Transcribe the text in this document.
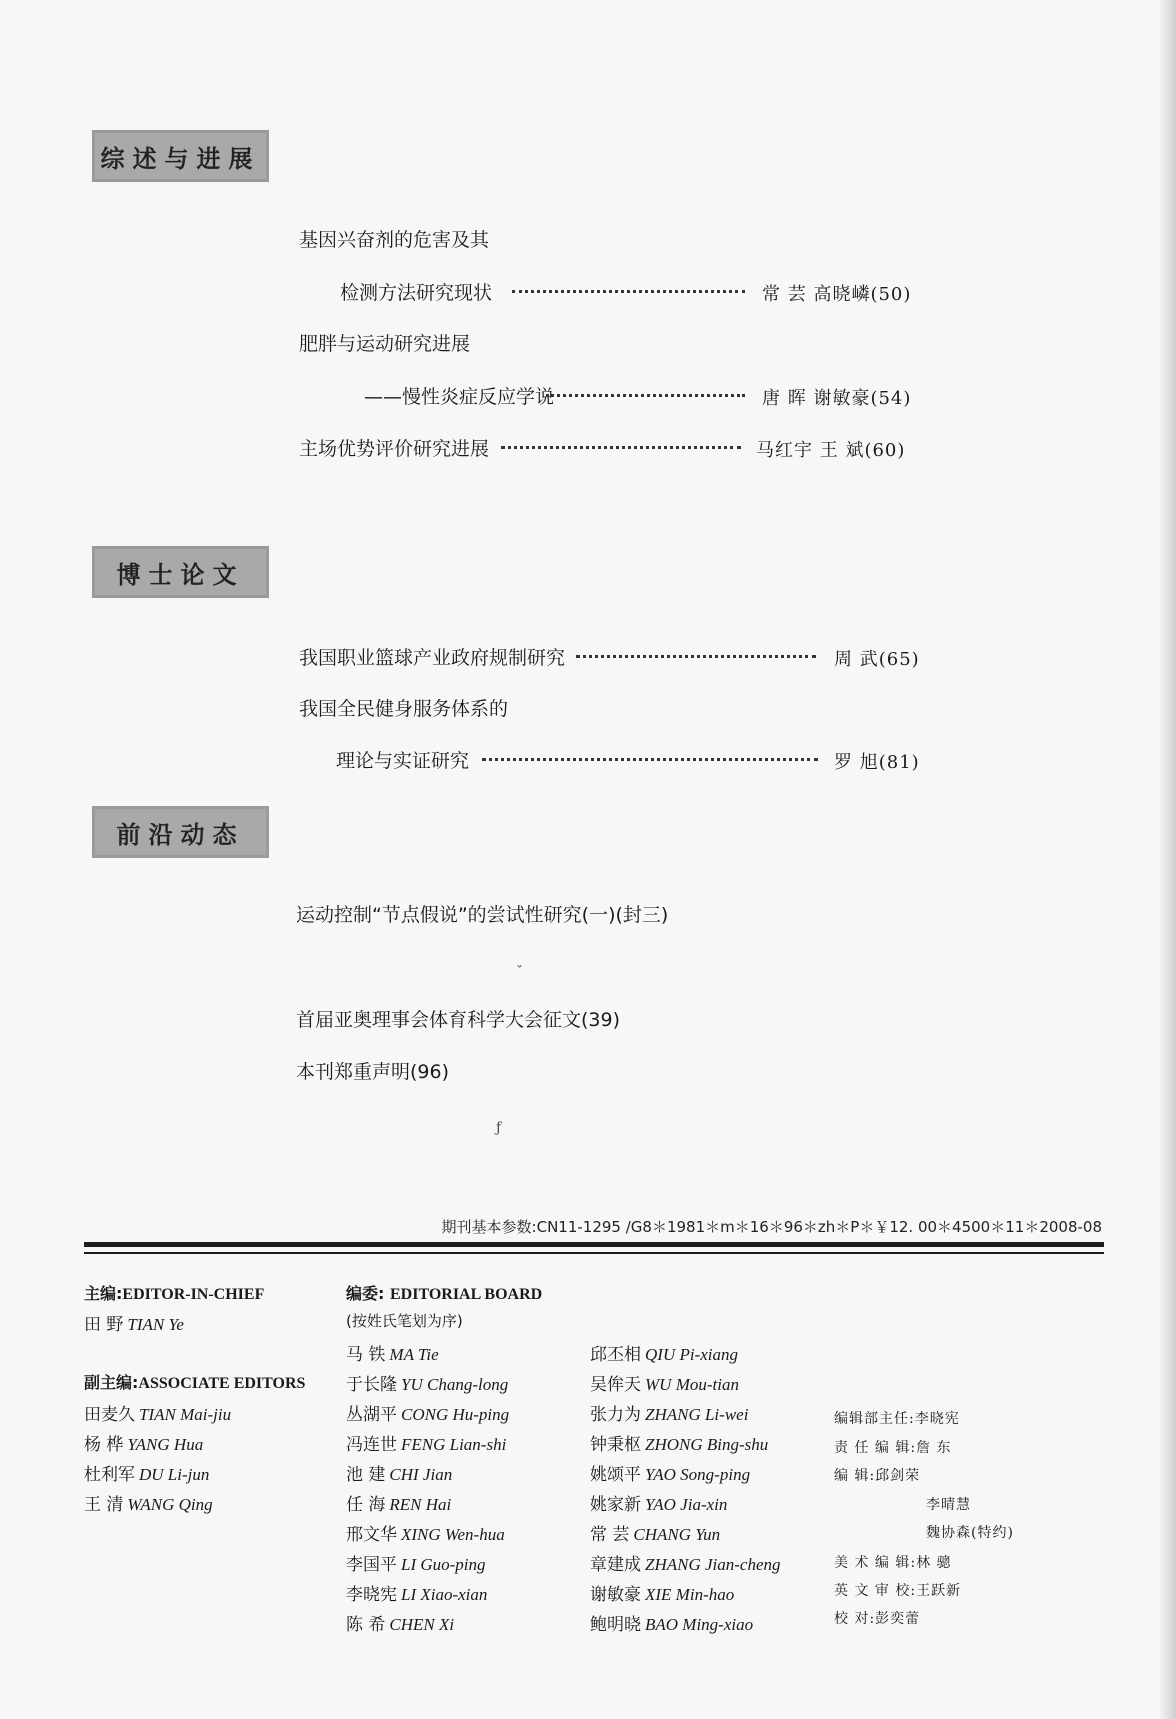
综述与进展
基因兴奋剂的危害及其
检测方法研究现状	常 芸 高晓嶙(50)
肥胖与运动研究进展
——慢性炎症反应学说	唐 晖 谢敏豪(54)
主场优势评价研究进展	马红宇 王 斌(60)
博士论文
我国职业篮球产业政府规制研究	周 武(65)
我国全民健身服务体系的
理论与实证研究	罗 旭(81)
前沿动态
运动控制“节点假说”的尝试性研究(一)(封三)
ˇ
首届亚奥理事会体育科学大会征文(39)
本刊郑重声明(96)
ƒ
期刊基本参数:CN11-1295 /G8＊1981＊m＊16＊96＊zh＊P＊￥12. 00＊4500＊11＊2008-08
主编:EDITOR-IN-CHIEF
田 野 TIAN Ye
副主编:ASSOCIATE EDITORS
田麦久 TIAN Mai-jiu
杨 桦 YANG Hua
杜利军 DU Li-jun
王 清 WANG Qing
编委: EDITORIAL BOARD
(按姓氏笔划为序)
马 铁 MA Tie
于长隆 YU Chang-long
丛湖平 CONG Hu-ping
冯连世 FENG Lian-shi
池 建 CHI Jian
任 海 REN Hai
邢文华 XING Wen-hua
李国平 LI Guo-ping
李晓宪 LI Xiao-xian
陈 希 CHEN Xi
邱丕相 QIU Pi-xiang
吴侔天 WU Mou-tian
张力为 ZHANG Li-wei
钟秉枢 ZHONG Bing-shu
姚颂平 YAO Song-ping
姚家新 YAO Jia-xin
常 芸 CHANG Yun
章建成 ZHANG Jian-cheng
谢敏豪 XIE Min-hao
鲍明晓 BAO Ming-xiao
编辑部主任:李晓宪
责 任 编 辑:詹 东
编 辑:邱剑荣
李晴慧
魏协森(特约)
美 术 编 辑:林 骢
英 文 审 校:王跃新
校 对:彭奕蕾
